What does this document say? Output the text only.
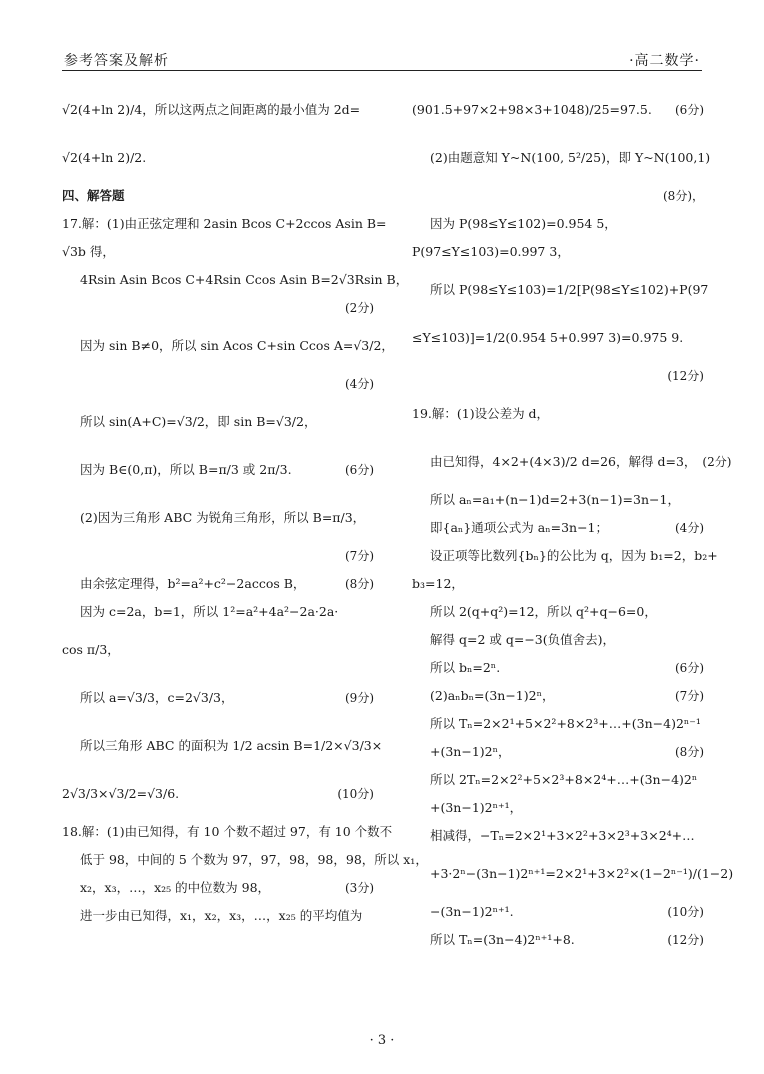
参考答案及解析	·高二数学·
√2(4+ln 2)/4，所以这两点之间距离的最小值为 2d=
√2(4+ln 2)/2.
四、解答题
17.解：(1)由正弦定理和 2asin Bcos C+2ccos Asin B=
√3b 得，
4Rsin Asin Bcos C+4Rsin Ccos Asin B=2√3Rsin B，
(2分)
因为 sin B≠0，所以 sin Acos C+sin Ccos A=√3/2，
(4分)
所以 sin(A+C)=√3/2，即 sin B=√3/2，
因为 B∈(0,π)，所以 B=π/3 或 2π/3.	(6分)
(2)因为三角形 ABC 为锐角三角形，所以 B=π/3，
(7分)
由余弦定理得，b²=a²+c²−2accos B，	(8分)
因为 c=2a，b=1，所以 1²=a²+4a²−2a·2a·
cos π/3，
所以 a=√3/3，c=2√3/3，	(9分)
所以三角形 ABC 的面积为 1/2 acsin B=1/2×√3/3×
2√3/3×√3/2=√3/6.	(10分)
18.解：(1)由已知得，有 10 个数不超过 97，有 10 个数不
低于 98，中间的 5 个数为 97，97，98，98，98，所以 x₁，
x₂，x₃，…，x₂₅ 的中位数为 98，	(3分)
进一步由已知得，x₁，x₂，x₃，…，x₂₅ 的平均值为
(901.5+97×2+98×3+1048)/25=97.5. (6分)
(2)由题意知 Y~N(100, 5²/25)，即 Y~N(100,1)
(8分)，
因为 P(98≤Y≤102)=0.954 5，
P(97≤Y≤103)=0.997 3，
所以 P(98≤Y≤103)=1/2[P(98≤Y≤102)+P(97
≤Y≤103)]=1/2(0.954 5+0.997 3)=0.975 9.
(12分)
19.解：(1)设公差为 d，
由已知得，4×2+(4×3)/2 d=26，解得 d=3， (2分)
所以 aₙ=a₁+(n−1)d=2+3(n−1)=3n−1，
即{aₙ}通项公式为 aₙ=3n−1；	(4分)
设正项等比数列{bₙ}的公比为 q，因为 b₁=2，b₂+
b₃=12，
所以 2(q+q²)=12，所以 q²+q−6=0，
解得 q=2 或 q=−3(负值舍去)，
所以 bₙ=2ⁿ.	(6分)
(2)aₙbₙ=(3n−1)2ⁿ，	(7分)
所以 Tₙ=2×2¹+5×2²+8×2³+…+(3n−4)2ⁿ⁻¹
+(3n−1)2ⁿ，	(8分)
所以 2Tₙ=2×2²+5×2³+8×2⁴+…+(3n−4)2ⁿ
+(3n−1)2ⁿ⁺¹，
相减得，−Tₙ=2×2¹+3×2²+3×2³+3×2⁴+…
+3·2ⁿ−(3n−1)2ⁿ⁺¹=2×2¹+3×2²×(1−2ⁿ⁻¹)/(1−2)
−(3n−1)2ⁿ⁺¹.	(10分)
所以 Tₙ=(3n−4)2ⁿ⁺¹+8.	(12分)
· 3 ·
